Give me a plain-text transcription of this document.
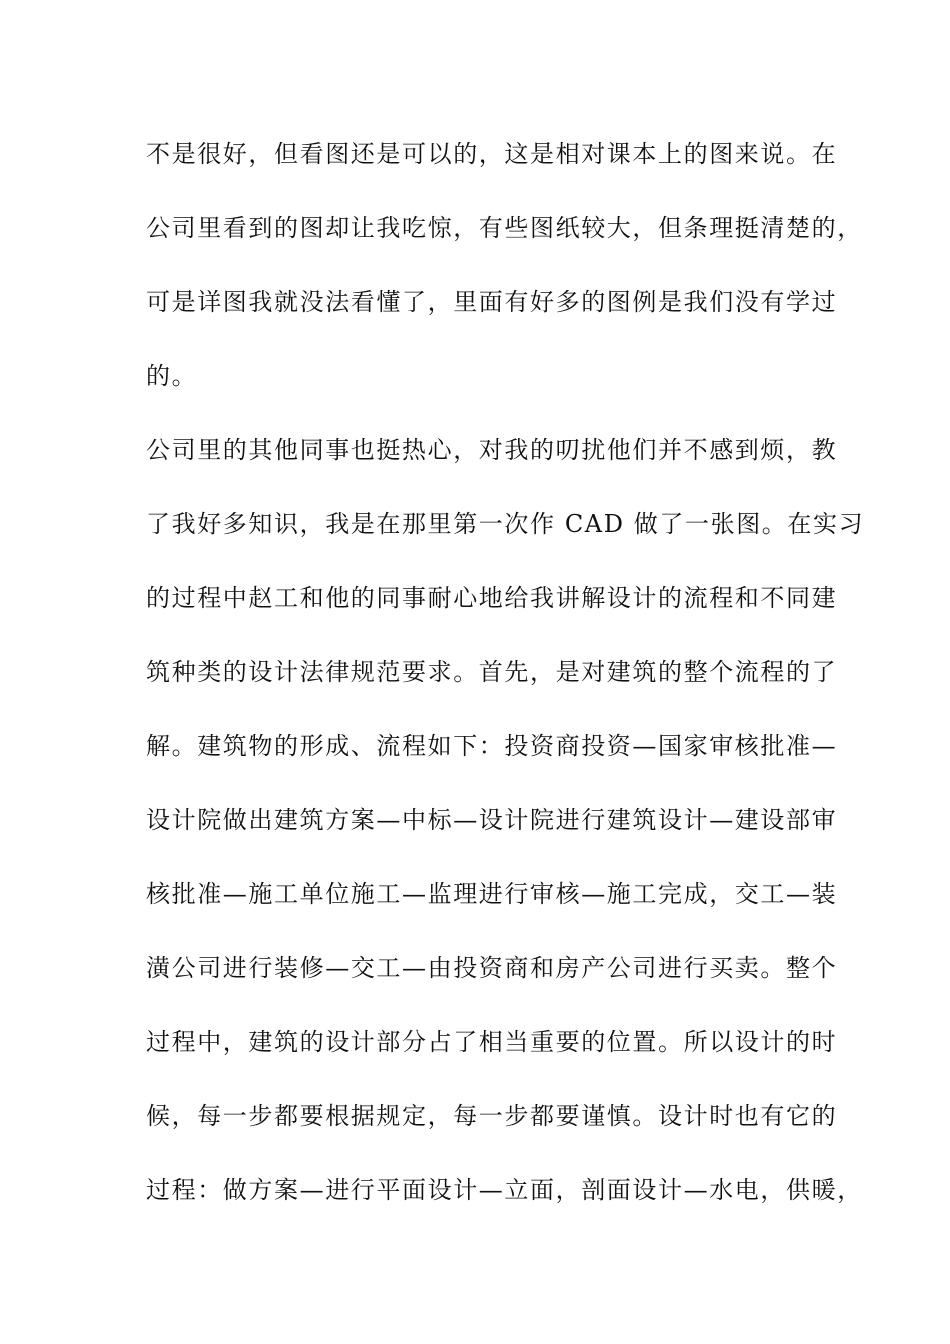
不是很好，但看图还是可以的，这是相对课本上的图来说。在
公司里看到的图却让我吃惊，有些图纸较大，但条理挺清楚的，
可是详图我就没法看懂了，里面有好多的图例是我们没有学过
的。
公司里的其他同事也挺热心，对我的叨扰他们并不感到烦，教
了我好多知识，我是在那里第一次作 CAD 做了一张图。在实习
的过程中赵工和他的同事耐心地给我讲解设计的流程和不同建
筑种类的设计法律规范要求。首先，是对建筑的整个流程的了
解。建筑物的形成、流程如下：投资商投资—国家审核批准—
设计院做出建筑方案—中标—设计院进行建筑设计—建设部审
核批准—施工单位施工—监理进行审核—施工完成，交工—装
潢公司进行装修—交工—由投资商和房产公司进行买卖。整个
过程中，建筑的设计部分占了相当重要的位置。所以设计的时
候，每一步都要根据规定，每一步都要谨慎。设计时也有它的
过程：做方案—进行平面设计—立面，剖面设计—水电，供暖，
